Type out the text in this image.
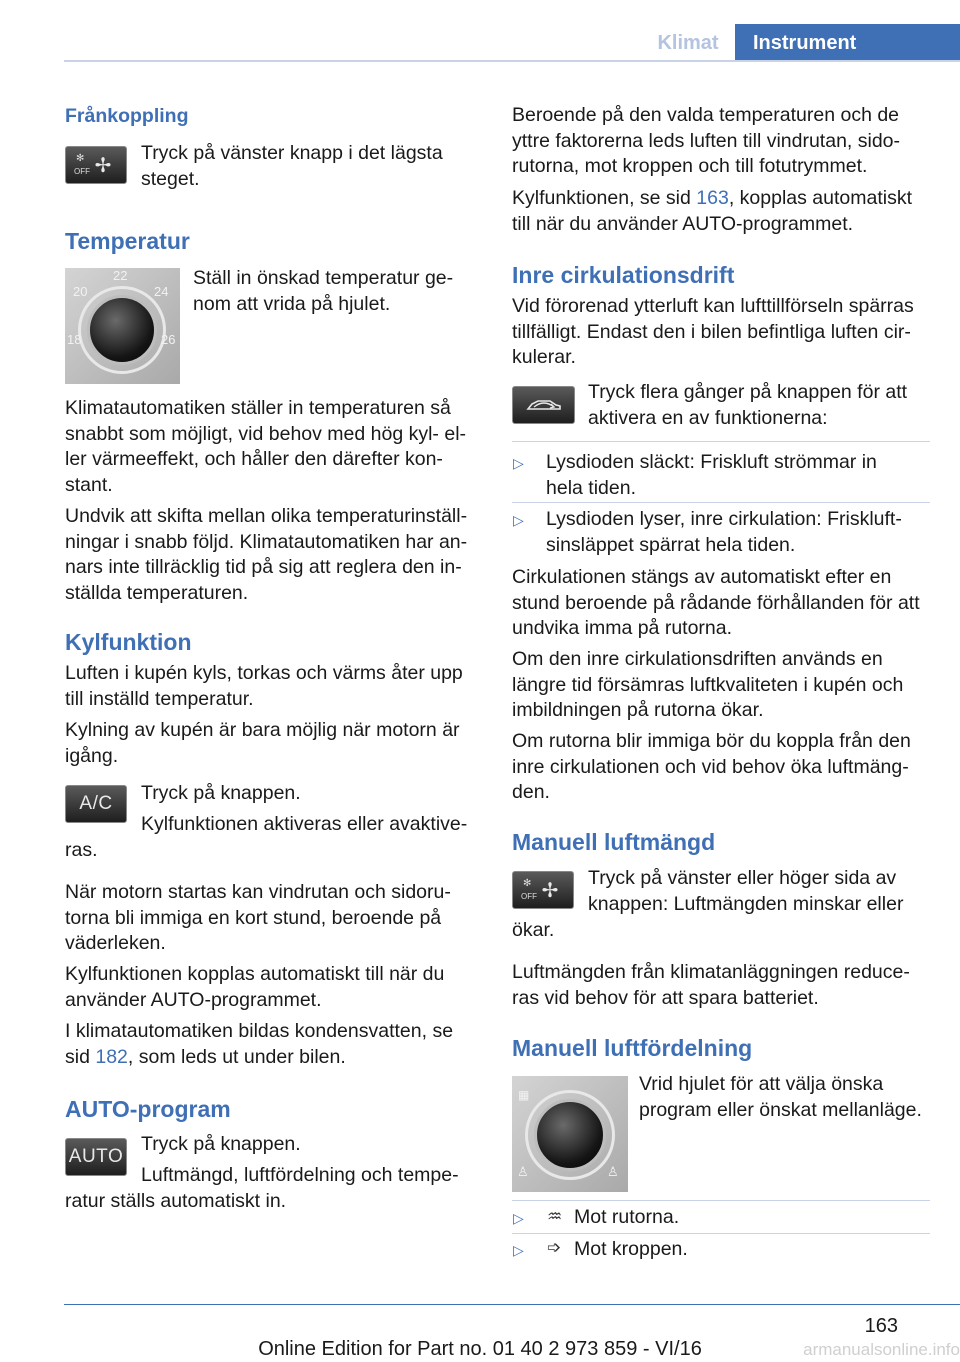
Klimat	Instrument
Frånkoppling
✻
OFF ✢
Tryck på vänster knapp i det lägsta
steget.
Temperatur
22
20	24
18	26
Ställ in önskad temperatur ge‐
nom att vrida på hjulet.

Klimatautomatiken ställer in temperaturen så

snabbt som möjligt, vid behov med hög kyl‐ el‐

ler värmeeffekt, och håller den därefter kon‐

stant.

Undvik att skifta mellan olika temperaturinställ‐

ningar i snabb följd. Klimatautomatiken har an‐

nars inte tillräcklig tid på sig att reglera den in‐

ställda temperaturen.

Kylfunktion

Luften i kupén kyls, torkas och värms åter upp

till inställd temperatur.

Kylning av kupén är bara möjlig när motorn är

igång.

A/C Tryck på knappen.
Kylfunktionen aktiveras eller avaktive‐
ras.

När motorn startas kan vindrutan och sidoru‐

torna bli immiga en kort stund, beroende på

väderleken.

Kylfunktionen kopplas automatiskt till när du

använder AUTO-programmet.

I klimatautomatiken bildas kondensvatten, se

sid 182, som leds ut under bilen.

AUTO-program
AUTO
Tryck på knappen.
Luftmängd, luftfördelning och tempe‐
ratur ställs automatiskt in.

Beroende på den valda temperaturen och de

yttre faktorerna leds luften till vindrutan, sido‐

rutorna, mot kroppen och till fotutrymmet.

Kylfunktionen, se sid 163, kopplas automatiskt

till när du använder AUTO-programmet.

Inre cirkulationsdrift

Vid förorenad ytterluft kan lufttillförseln spärras

tillfälligt. Endast den i bilen befintliga luften cir‐

kulerar.

Tryck flera gånger på knappen för att
aktivera en av funktionerna:
▷ Lysdioden släckt: Friskluft strömmar in

hela tiden.

▷ Lysdioden lyser, inre cirkulation: Friskluft‐

sinsläppet spärrat hela tiden.

Cirkulationen stängs av automatiskt efter en

stund beroende på rådande förhållanden för att

undvika imma på rutorna.

Om den inre cirkulationsdriften används en

längre tid försämras luftkvaliteten i kupén och

imbildningen på rutorna ökar.

Om rutorna blir immiga bör du koppla från den

inre cirkulationen och vid behov öka luftmäng‐

den.

Manuell luftmängd
✻
OFF ✢
Tryck på vänster eller höger sida av
knappen: Luftmängden minskar eller
ökar.

Luftmängden från klimatanläggningen reduce‐

ras vid behov för att spara batteriet.

Manuell luftfördelning
▦
♙	♙
Vrid hjulet för att välja önska
program eller önskat mellanläge.
▷ ♒ Mot rutorna.
▷ ➩ Mot kroppen.
163
Online Edition for Part no. 01 40 2 973 859 - VI/16	armanualsonline.info
